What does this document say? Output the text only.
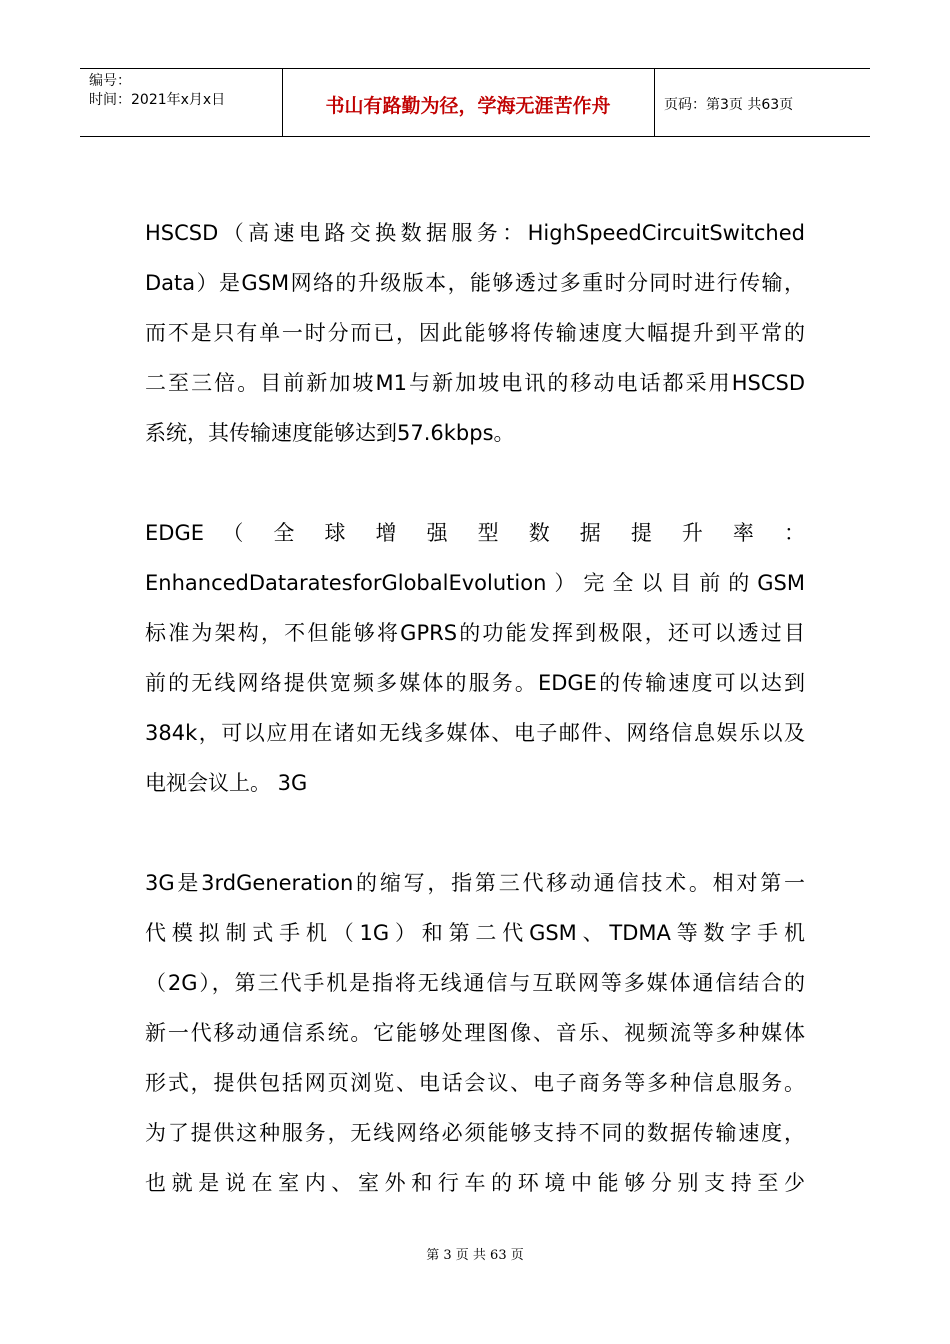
编号：
时间：2021年x月x日	书山有路勤为径，学海无涯苦作舟	页码：第3页 共63页
HSCSD（高速电路交换数据服务：HighSpeedCircuitSwitched
Data）是GSM网络的升级版本，能够透过多重时分同时进行传输，
而不是只有单一时分而已，因此能够将传输速度大幅提升到平常的
二至三倍。目前新加坡M1与新加坡电讯的移动电话都采用HSCSD
系统，其传输速度能够达到57.6kbps。
EDGE （ 全 球 增 强 型 数 据 提 升 率 ：
EnhancedDataratesforGlobalEvolution）完全以目前的GSM
标准为架构，不但能够将GPRS的功能发挥到极限，还可以透过目
前的无线网络提供宽频多媒体的服务。EDGE的传输速度可以达到
384k，可以应用在诸如无线多媒体、电子邮件、网络信息娱乐以及
电视会议上。 3G
3G是3rdGeneration的缩写，指第三代移动通信技术。相对第一
代模拟制式手机（1G）和第二代GSM、TDMA等数字手机
（2G），第三代手机是指将无线通信与互联网等多媒体通信结合的
新一代移动通信系统。它能够处理图像、音乐、视频流等多种媒体
形式，提供包括网页浏览、电话会议、电子商务等多种信息服务。
为了提供这种服务，无线网络必须能够支持不同的数据传输速度，
也就是说在室内、室外和行车的环境中能够分别支持至少
第 3 页 共 63 页
